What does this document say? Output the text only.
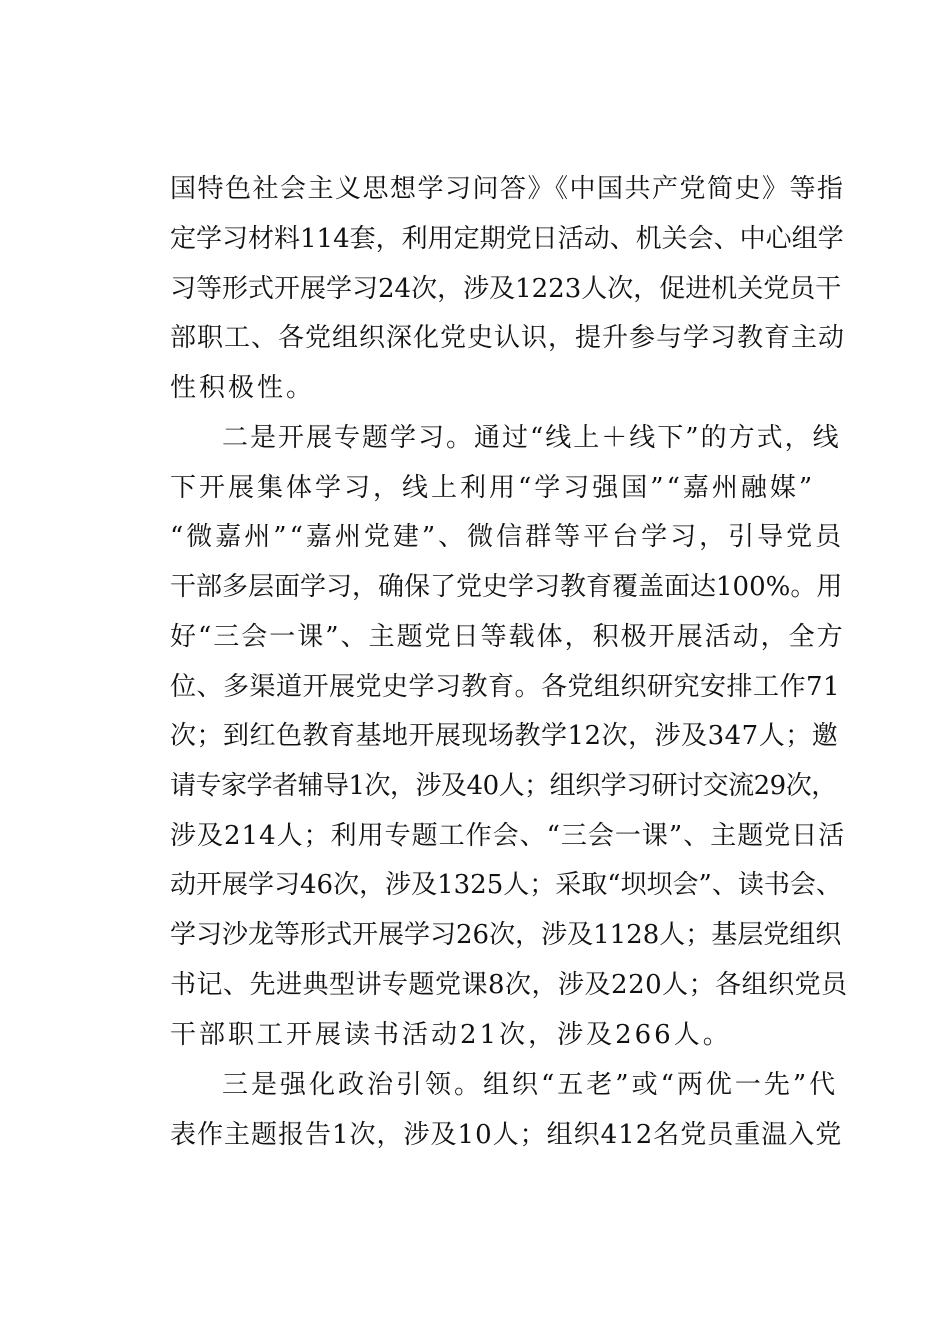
国特色社会主义思想学习问答》《中国共产党简史》等指
定学习材料114套，利用定期党日活动、机关会、中心组学
习等形式开展学习24次，涉及1223人次，促进机关党员干
部职工、各党组织深化党史认识，提升参与学习教育主动
性积极性。
二是开展专题学习。通过“线上＋线下”的方式，线
下开展集体学习，线上利用“学习强国”“嘉州融媒”
“微嘉州”“嘉州党建”、微信群等平台学习，引导党员
干部多层面学习，确保了党史学习教育覆盖面达100%。用
好“三会一课”、主题党日等载体，积极开展活动，全方
位、多渠道开展党史学习教育。各党组织研究安排工作71
次；到红色教育基地开展现场教学12次，涉及347人；邀
请专家学者辅导1次，涉及40人；组织学习研讨交流29次，
涉及214人；利用专题工作会、“三会一课”、主题党日活
动开展学习46次，涉及1325人；采取“坝坝会”、读书会、
学习沙龙等形式开展学习26次，涉及1128人；基层党组织
书记、先进典型讲专题党课8次，涉及220人；各组织党员
干部职工开展读书活动21次，涉及266人。
三是强化政治引领。组织“五老”或“两优一先”代
表作主题报告1次，涉及10人；组织412名党员重温入党
